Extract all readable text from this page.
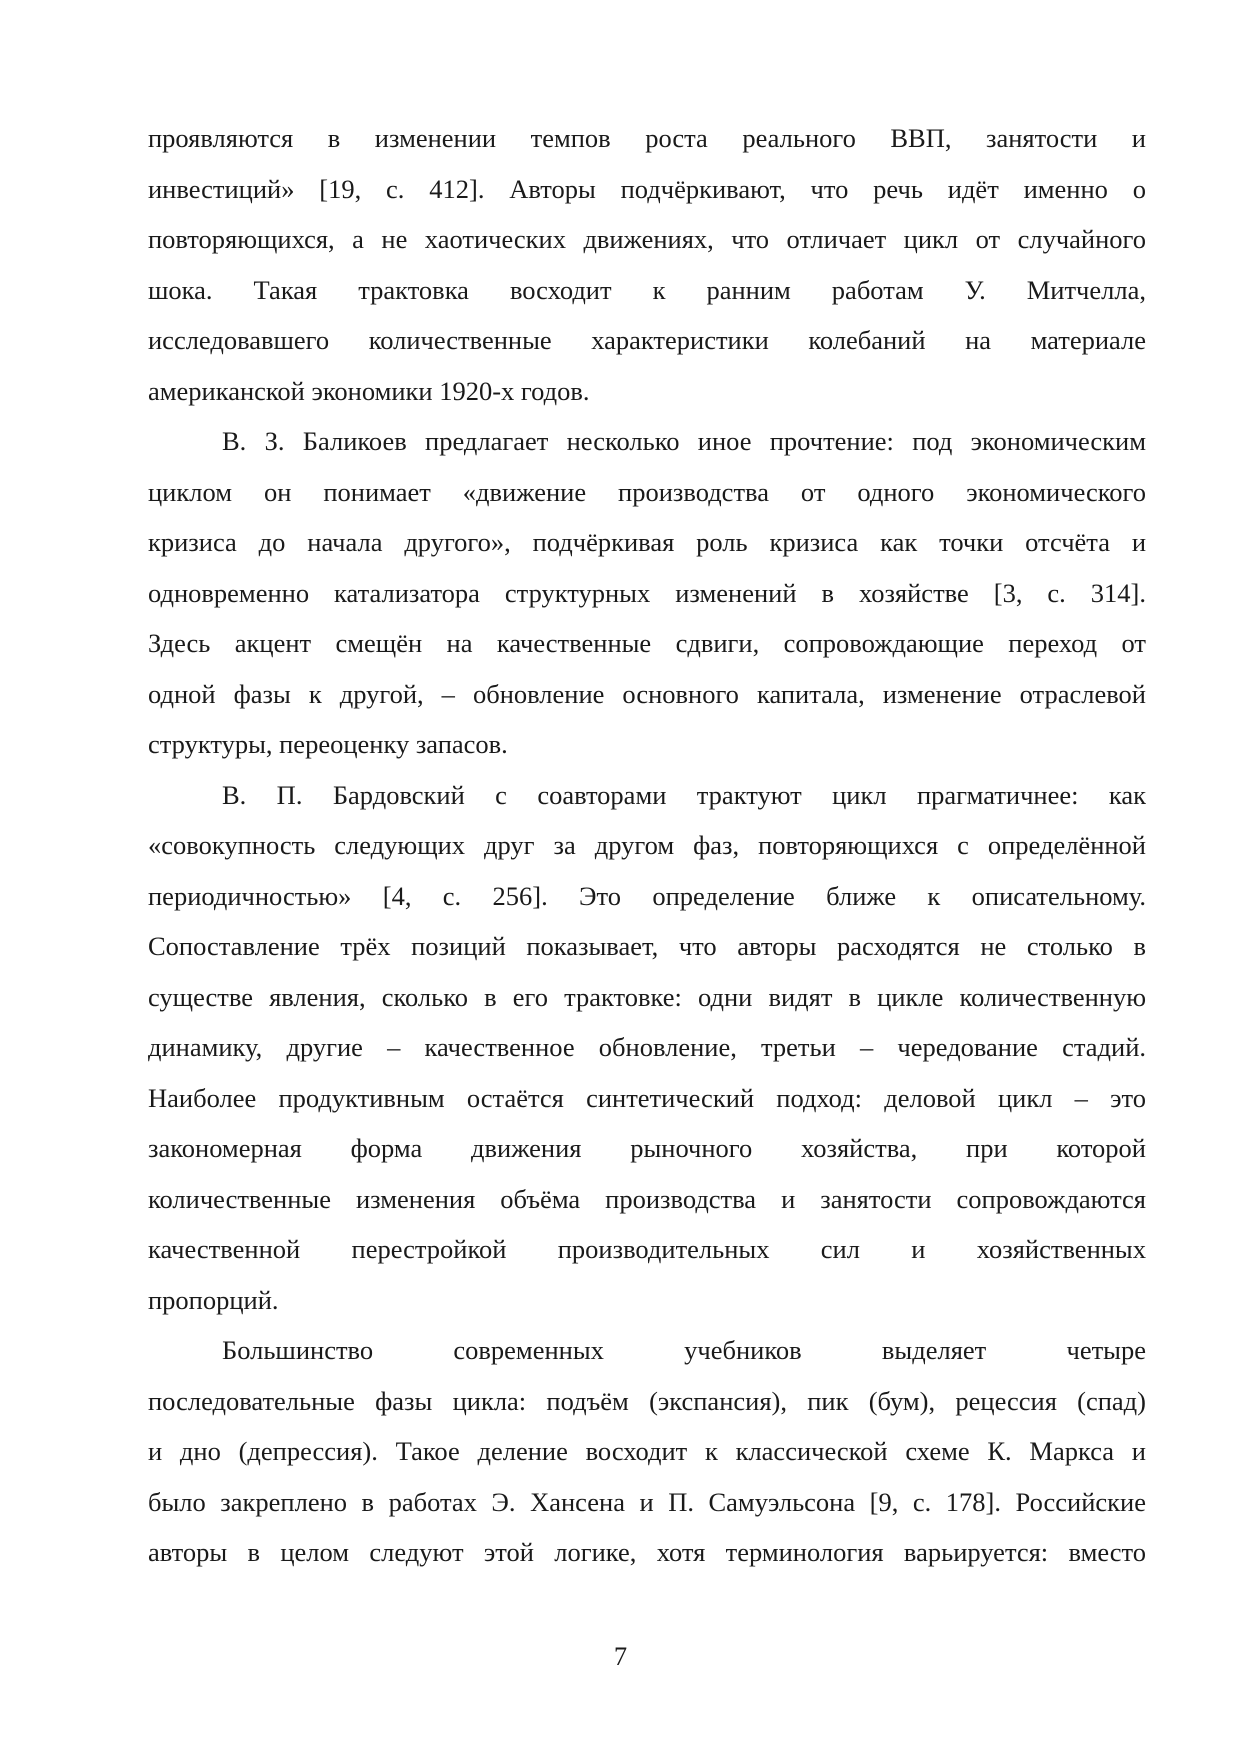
проявляются в изменении темпов роста реального ВВП, занятости и
инвестиций» [19, с. 412]. Авторы подчёркивают, что речь идёт именно о
повторяющихся, а не хаотических движениях, что отличает цикл от случайного
шока. Такая трактовка восходит к ранним работам У. Митчелла,
исследовавшего количественные характеристики колебаний на материале
американской экономики 1920-х годов.
В. З. Баликоев предлагает несколько иное прочтение: под экономическим
циклом он понимает «движение производства от одного экономического
кризиса до начала другого», подчёркивая роль кризиса как точки отсчёта и
одновременно катализатора структурных изменений в хозяйстве [3, с. 314].
Здесь акцент смещён на качественные сдвиги, сопровождающие переход от
одной фазы к другой, – обновление основного капитала, изменение отраслевой
структуры, переоценку запасов.
В. П. Бардовский с соавторами трактуют цикл прагматичнее: как
«совокупность следующих друг за другом фаз, повторяющихся с определённой
периодичностью» [4, с. 256]. Это определение ближе к описательному.
Сопоставление трёх позиций показывает, что авторы расходятся не столько в
существе явления, сколько в его трактовке: одни видят в цикле количественную
динамику, другие – качественное обновление, третьи – чередование стадий.
Наиболее продуктивным остаётся синтетический подход: деловой цикл – это
закономерная форма движения рыночного хозяйства, при которой
количественные изменения объёма производства и занятости сопровождаются
качественной перестройкой производительных сил и хозяйственных
пропорций.
Большинство современных учебников выделяет четыре
последовательные фазы цикла: подъём (экспансия), пик (бум), рецессия (спад)
и дно (депрессия). Такое деление восходит к классической схеме К. Маркса и
было закреплено в работах Э. Хансена и П. Самуэльсона [9, с. 178]. Российские
авторы в целом следуют этой логике, хотя терминология варьируется: вместо
7
